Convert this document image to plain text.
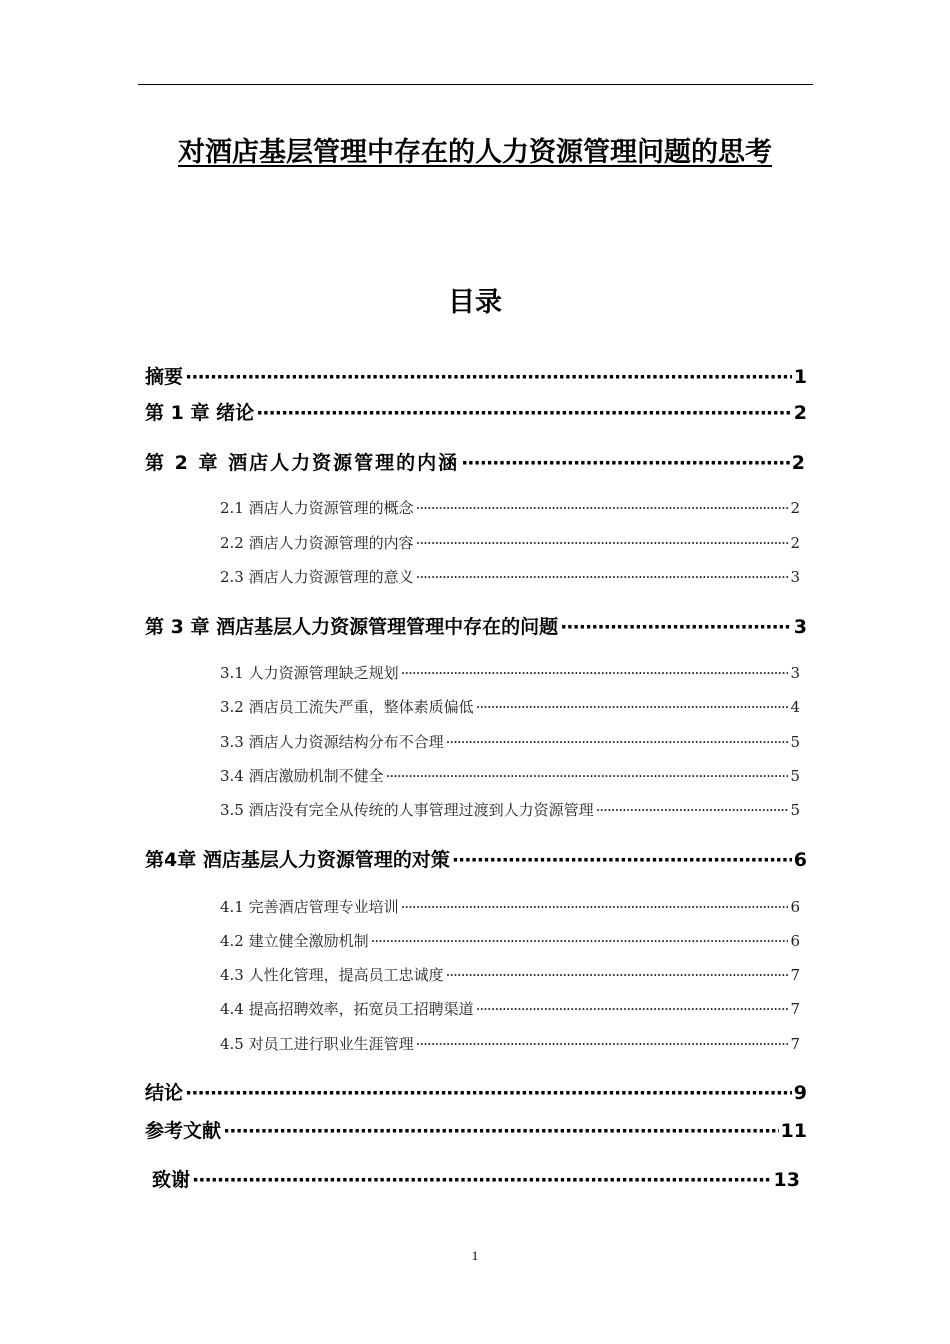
对酒店基层管理中存在的人力资源管理问题的思考
目录
摘要 ·····	1
第 1 章 绪论 ·····	2
第 2 章 酒店人力资源管理的内涵 ·····	2
2.1 酒店人力资源管理的概念 ·····	2
2.2 酒店人力资源管理的内容 ·····	2
2.3 酒店人力资源管理的意义 ·····	3
第 3 章 酒店基层人力资源管理管理中存在的问题 ·····	3
3.1 人力资源管理缺乏规划 ·····	3
3.2 酒店员工流失严重，整体素质偏低 ·····	4
3.3 酒店人力资源结构分布不合理 ·····	5
3.4 酒店激励机制不健全 ·····	5
3.5 酒店没有完全从传统的人事管理过渡到人力资源管理 ·····	5
第4章 酒店基层人力资源管理的对策 ·····	6
4.1 完善酒店管理专业培训 ·····	6
4.2 建立健全激励机制 ·····	6
4.3 人性化管理，提高员工忠诚度 ·····	7
4.4 提高招聘效率，拓宽员工招聘渠道 ·····	7
4.5 对员工进行职业生涯管理 ·····	7
结论 ·····	9
参考文献 ·····	11
致谢 ·····	13
1
